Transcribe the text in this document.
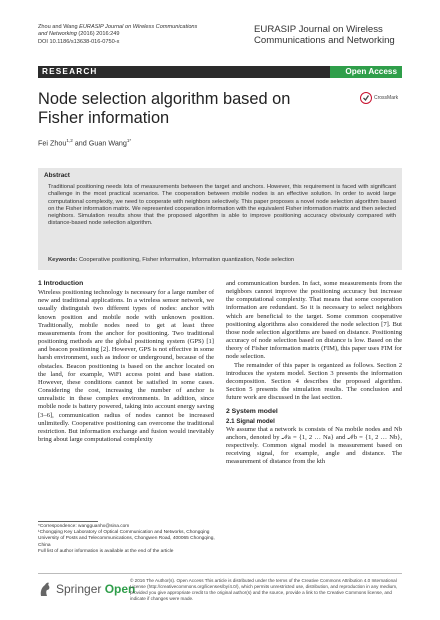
Zhou and Wang EURASIP Journal on Wireless Communications and Networking (2016) 2016:249
DOI 10.1186/s13638-016-0750-x
EURASIP Journal on Wireless Communications and Networking
RESEARCH	Open Access
Node selection algorithm based on Fisher information
CrossMark
Fei Zhou$^{1,2}$ and Guan Wang$^{1*}$
Abstract
Traditional positioning needs lots of measurements between the target and anchors. However, this requirement is faced with significant challenge in the most practical scenarios. The cooperation between mobile nodes is an effective solution. In order to avoid large computational complexity, we need to cooperate with neighbors selectively. This paper proposes a novel node selection algorithm based on the Fisher information matrix. We represented cooperation information with the equivalent Fisher information matrix and then selected neighbors. Simulation results show that the proposed algorithm is able to improve positioning accuracy obviously compared with distance-based node selection algorithm.
Keywords: Cooperative positioning, Fisher information, Information quantization, Node selection

1 Introduction

Wireless positioning technology is necessary for a large number of new and traditional applications. In a wireless sensor network, we usually distinguish two different types of nodes: anchor with known position and mobile node with unknown position. Traditionally, mobile nodes need to get at least three measurements from the anchor for positioning. Two traditional positioning methods are the global positioning system (GPS) [1] and beacon positioning [2]. However, GPS is not effective in some harsh environment, such as indoor or underground, because of the obstacles. Beacon positioning is based on the anchor located on the land, for example, WiFi access point and base station. However, these conditions cannot be satisfied in some cases. Considering the cost, increasing the number of anchor is unrealistic in these complex environments. In addition, since mobile node is battery powered, taking into account energy saving [3–6], communication radius of nodes cannot be increased unlimitedly. Cooperative positioning can overcome the traditional restriction. But information exchange and fusion would inevitably bring about large computational complexity

and communication burden. In fact, some measurements from the neighbors cannot improve the positioning accuracy but increase the computational complexity. That means that some cooperation information are redundant. So it is necessary to select neighbors which are beneficial to the target. Some common cooperative positioning algorithms also considered the node selection [7]. But those node selection algorithms are based on distance. Positioning accuracy of node selection based on distance is low. Based on the theory of Fisher information matrix (FIM), this paper uses FIM for node selection.

The remainder of this paper is organized as follows. Section 2 introduces the system model. Section 3 presents the information decomposition. Section 4 describes the proposed algorithm. Section 5 presents the simulation results. The conclusion and future work are discussed in the last section.

2 System model

2.1 Signal model

We assume that a network is consists of Na mobile nodes and Nb anchors, denoted by 𝒩a = {1, 2 … Na} and 𝒩b = {1, 2 … Nb}, respectively. Common signal model is measurement based on receiving signal, for example, angle and distance. The measurement of distance from the kth

*Correspondence: wangguanhx@sina.com
¹Chongqing Key Laboratory of Optical Communication and Networks, Chongqing University of Posts and Telecommunications, Chongwen Road, 400065 Chongqing, China
Full list of author information is available at the end of the article
Springer Open
© 2016 The Author(s). Open Access This article is distributed under the terms of the Creative Commons Attribution 4.0 International License (http://creativecommons.org/licenses/by/4.0/), which permits unrestricted use, distribution, and reproduction in any medium, provided you give appropriate credit to the original author(s) and the source, provide a link to the Creative Commons license, and indicate if changes were made.
